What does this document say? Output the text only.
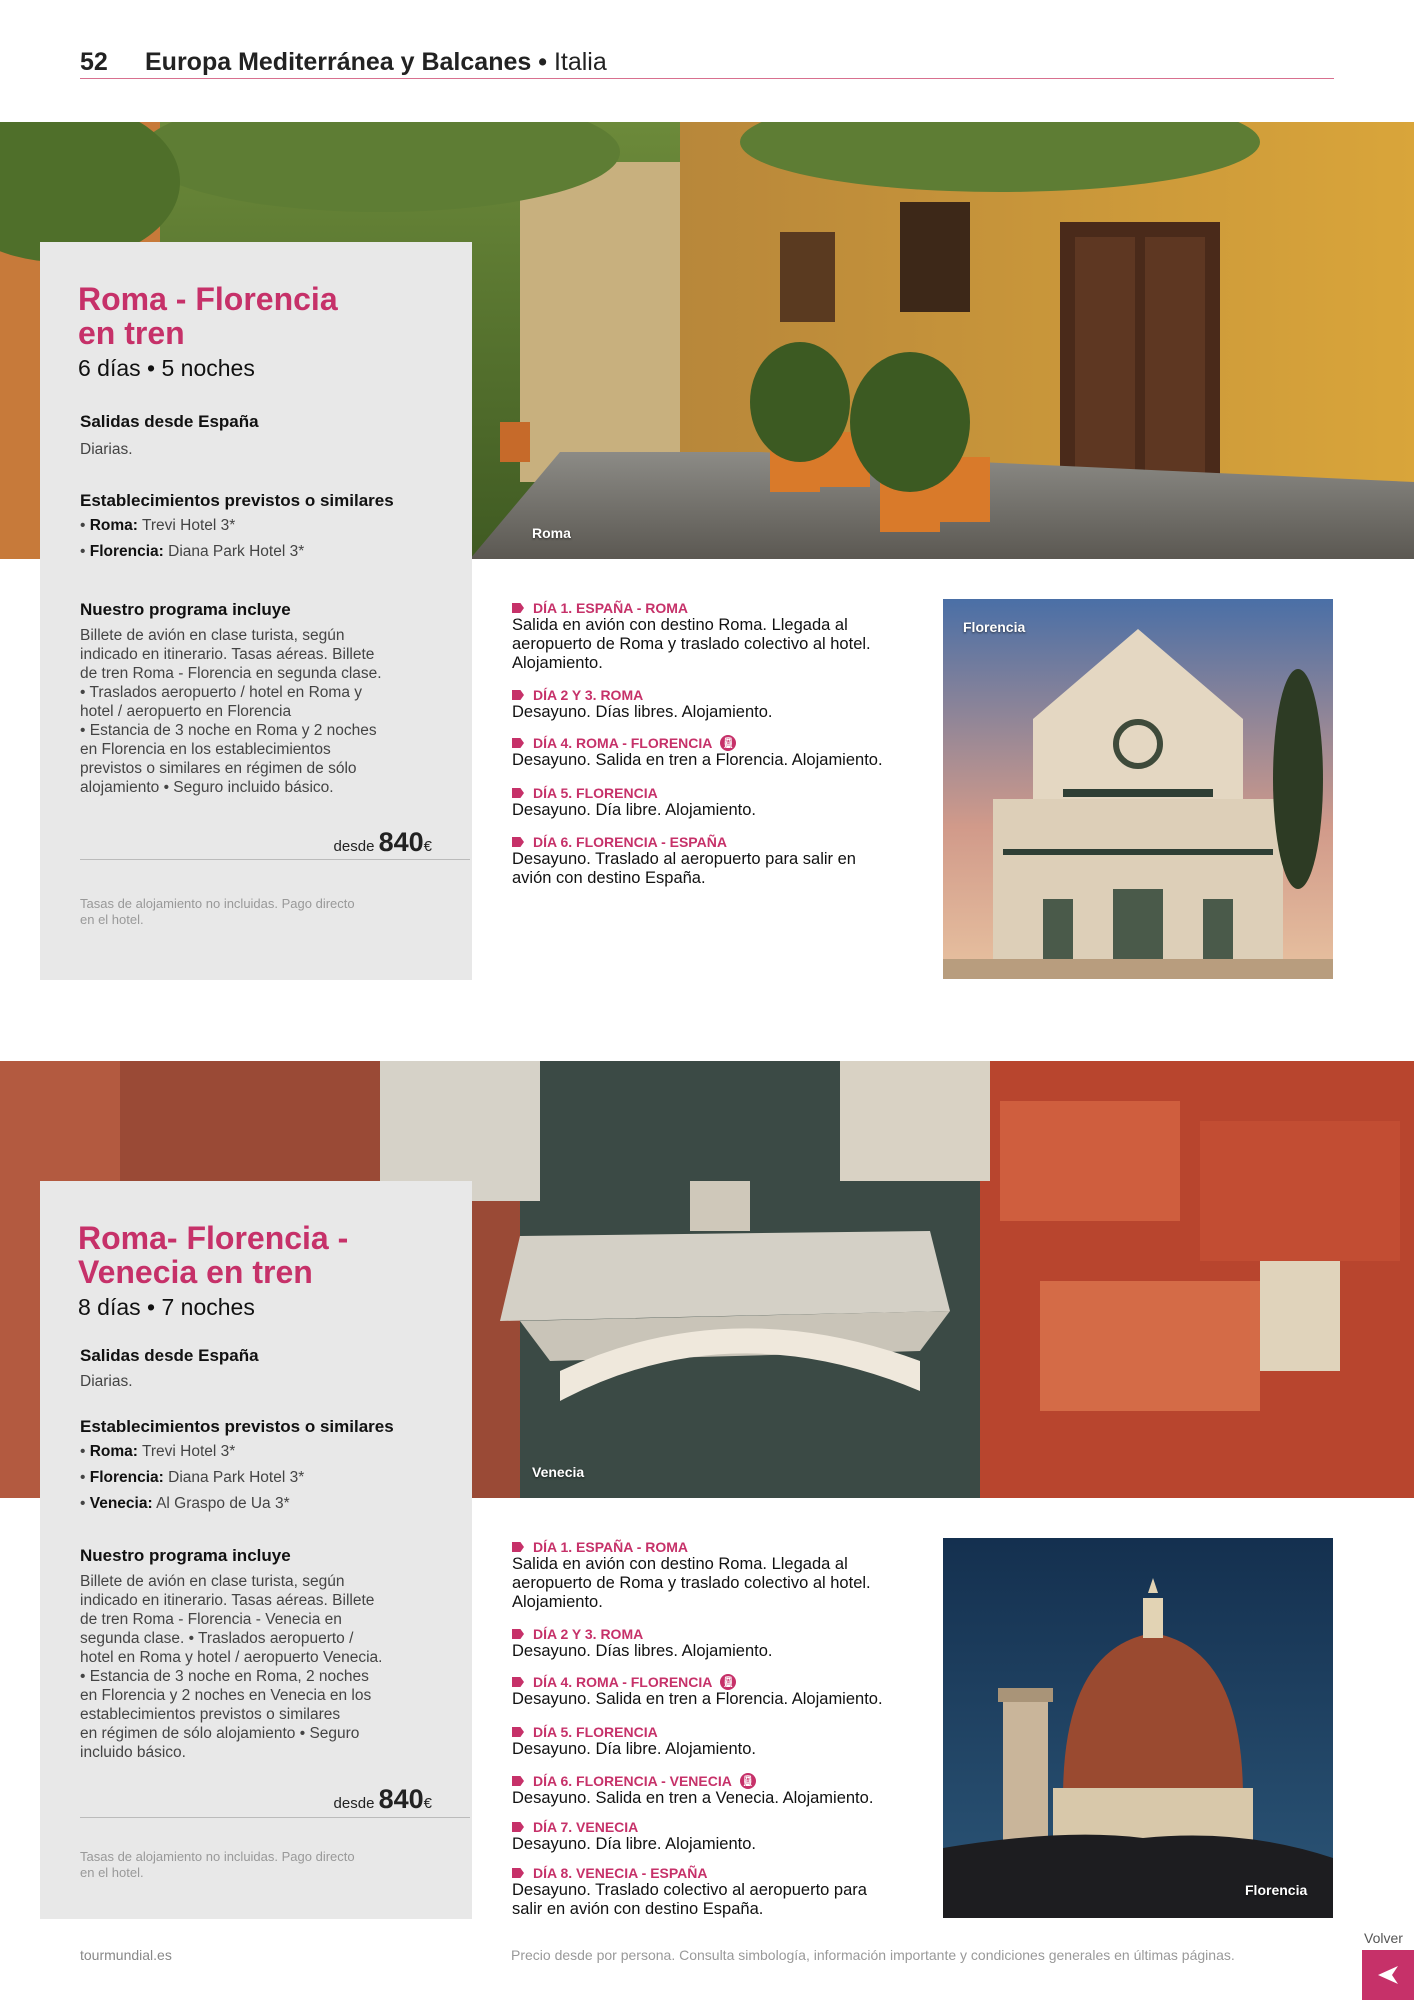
52 Europa Mediterránea y Balcanes • Italia
Roma
Roma - Florencia
en tren
6 días • 5 noches
Salidas desde España
Diarias.
Establecimientos previstos o similares
• Roma: Trevi Hotel 3*
• Florencia: Diana Park Hotel 3*
Nuestro programa incluye
Billete de avión en clase turista, según
indicado en itinerario. Tasas aéreas. Billete
de tren Roma - Florencia en segunda clase.
• Traslados aeropuerto / hotel en Roma y
hotel / aeropuerto en Florencia
• Estancia de 3 noche en Roma y 2 noches
en Florencia en los establecimientos
previstos o similares en régimen de sólo
alojamiento • Seguro incluido básico.
desde 840€
Tasas de alojamiento no incluidas. Pago directo
en el hotel.
DÍA 1. ESPAÑA - ROMA
Salida en avión con destino Roma. Llegada al
aeropuerto de Roma y traslado colectivo al hotel.
Alojamiento.
DÍA 2 Y 3. ROMA
Desayuno. Días libres. Alojamiento.
DÍA 4. ROMA - FLORENCIA 🚆︎
Desayuno. Salida en tren a Florencia. Alojamiento.
DÍA 5. FLORENCIA
Desayuno. Día libre. Alojamiento.
DÍA 6. FLORENCIA - ESPAÑA
Desayuno. Traslado al aeropuerto para salir en
avión con destino España.
Florencia
Venecia
Roma- Florencia -
Venecia en tren
8 días • 7 noches
Salidas desde España
Diarias.
Establecimientos previstos o similares
• Roma: Trevi Hotel 3*
• Florencia: Diana Park Hotel 3*
• Venecia: Al Graspo de Ua 3*
Nuestro programa incluye
Billete de avión en clase turista, según
indicado en itinerario. Tasas aéreas. Billete
de tren Roma - Florencia - Venecia en
segunda clase. • Traslados aeropuerto /
hotel en Roma y hotel / aeropuerto Venecia.
• Estancia de 3 noche en Roma, 2 noches
en Florencia y 2 noches en Venecia en los
establecimientos previstos o similares
en régimen de sólo alojamiento • Seguro
incluido básico.
desde 840€
Tasas de alojamiento no incluidas. Pago directo
en el hotel.
DÍA 1. ESPAÑA - ROMA
Salida en avión con destino Roma. Llegada al
aeropuerto de Roma y traslado colectivo al hotel.
Alojamiento.
DÍA 2 Y 3. ROMA
Desayuno. Días libres. Alojamiento.
DÍA 4. ROMA - FLORENCIA 🚆︎
Desayuno. Salida en tren a Florencia. Alojamiento.
DÍA 5. FLORENCIA
Desayuno. Día libre. Alojamiento.
DÍA 6. FLORENCIA - VENECIA 🚆︎
Desayuno. Salida en tren a Venecia. Alojamiento.
DÍA 7. VENECIA
Desayuno. Día libre. Alojamiento.
DÍA 8. VENECIA - ESPAÑA
Desayuno. Traslado colectivo al aeropuerto para
salir en avión con destino España.
Florencia
tourmundial.es	Precio desde por persona. Consulta simbología, información importante y condiciones generales en últimas páginas.
Volver
